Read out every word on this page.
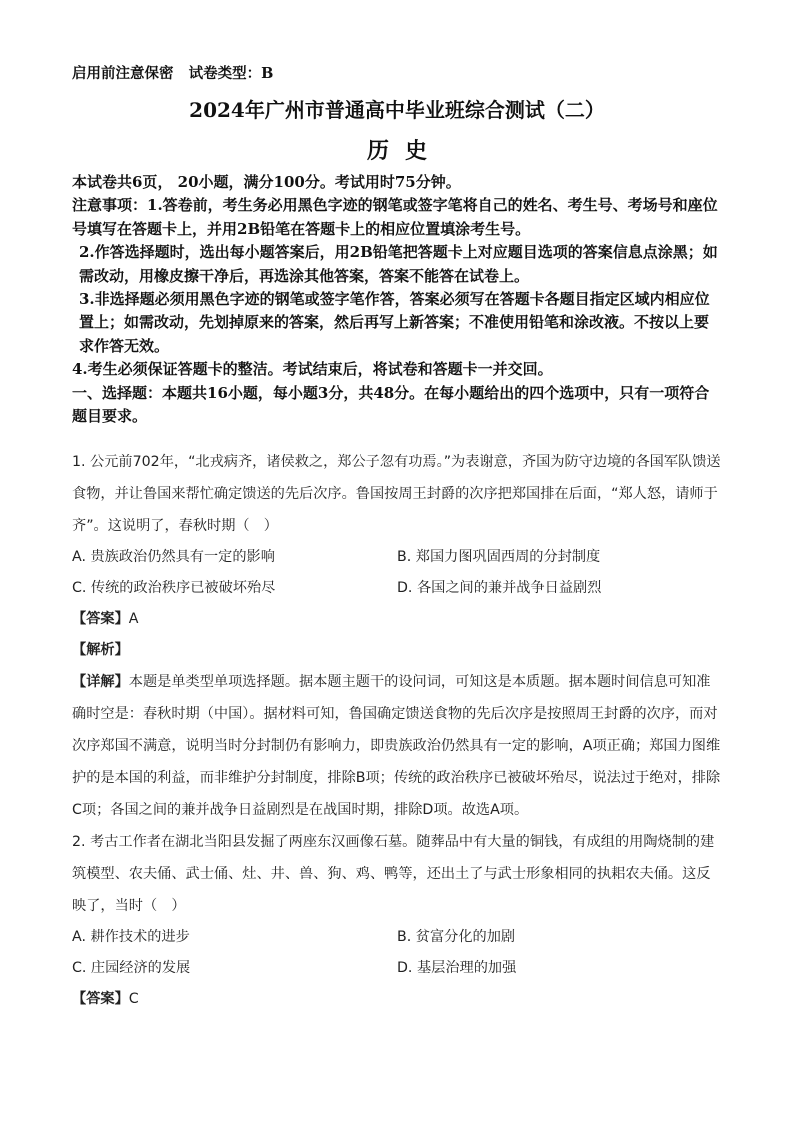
启用前注意保密   试卷类型：B
2024年广州市普通高中毕业班综合测试（二）
历史

本试卷共6页， 20小题，满分100分。考试用时75分钟。

注意事项：1.答卷前，考生务必用黑色字迹的钢笔或签字笔将自己的姓名、考生号、考场号和座位号填写在答题卡上，并用2B铅笔在答题卡上的相应位置填涂考生号。

2.作答选择题时，选出每小题答案后，用2B铅笔把答题卡上对应题目选项的答案信息点涂黑；如需改动，用橡皮擦干净后，再选涂其他答案，答案不能答在试卷上。

3.非选择题必须用黑色字迹的钢笔或签字笔作答，答案必须写在答题卡各题目指定区域内相应位置上；如需改动，先划掉原来的答案，然后再写上新答案；不准使用铅笔和涂改液。不按以上要求作答无效。

4.考生必须保证答题卡的整洁。考试结束后，将试卷和答题卡一并交回。

一、选择题：本题共16小题，每小题3分，共48分。在每小题给出的四个选项中，只有一项符合题目要求。

1. 公元前702年，“北戎病齐，诸侯救之，郑公子忽有功焉。”为表谢意，齐国为防守边境的各国军队馈送食物，并让鲁国来帮忙确定馈送的先后次序。鲁国按周王封爵的次序把郑国排在后面，“郑人怒，请师于齐”。这说明了，春秋时期（　）

A. 贵族政治仍然具有一定的影响	B. 郑国力图巩固西周的分封制度
C. 传统的政治秩序已被破坏殆尽	D. 各国之间的兼并战争日益剧烈
【答案】A
【解析】

【详解】本题是单类型单项选择题。据本题主题干的设问词，可知这是本质题。据本题时间信息可知准确时空是：春秋时期（中国）。据材料可知，鲁国确定馈送食物的先后次序是按照周王封爵的次序，而对次序郑国不满意，说明当时分封制仍有影响力，即贵族政治仍然具有一定的影响，A项正确；郑国力图维护的是本国的利益，而非维护分封制度，排除B项；传统的政治秩序已被破坏殆尽，说法过于绝对，排除C项；各国之间的兼并战争日益剧烈是在战国时期，排除D项。故选A项。

2. 考古工作者在湖北当阳县发掘了两座东汉画像石墓。随葬品中有大量的铜钱，有成组的用陶烧制的建筑模型、农夫俑、武士俑、灶、井、兽、狗、鸡、鸭等，还出土了与武士形象相同的执耜农夫俑。这反映了，当时（　）

A. 耕作技术的进步	B. 贫富分化的加剧
C. 庄园经济的发展	D. 基层治理的加强
【答案】C
